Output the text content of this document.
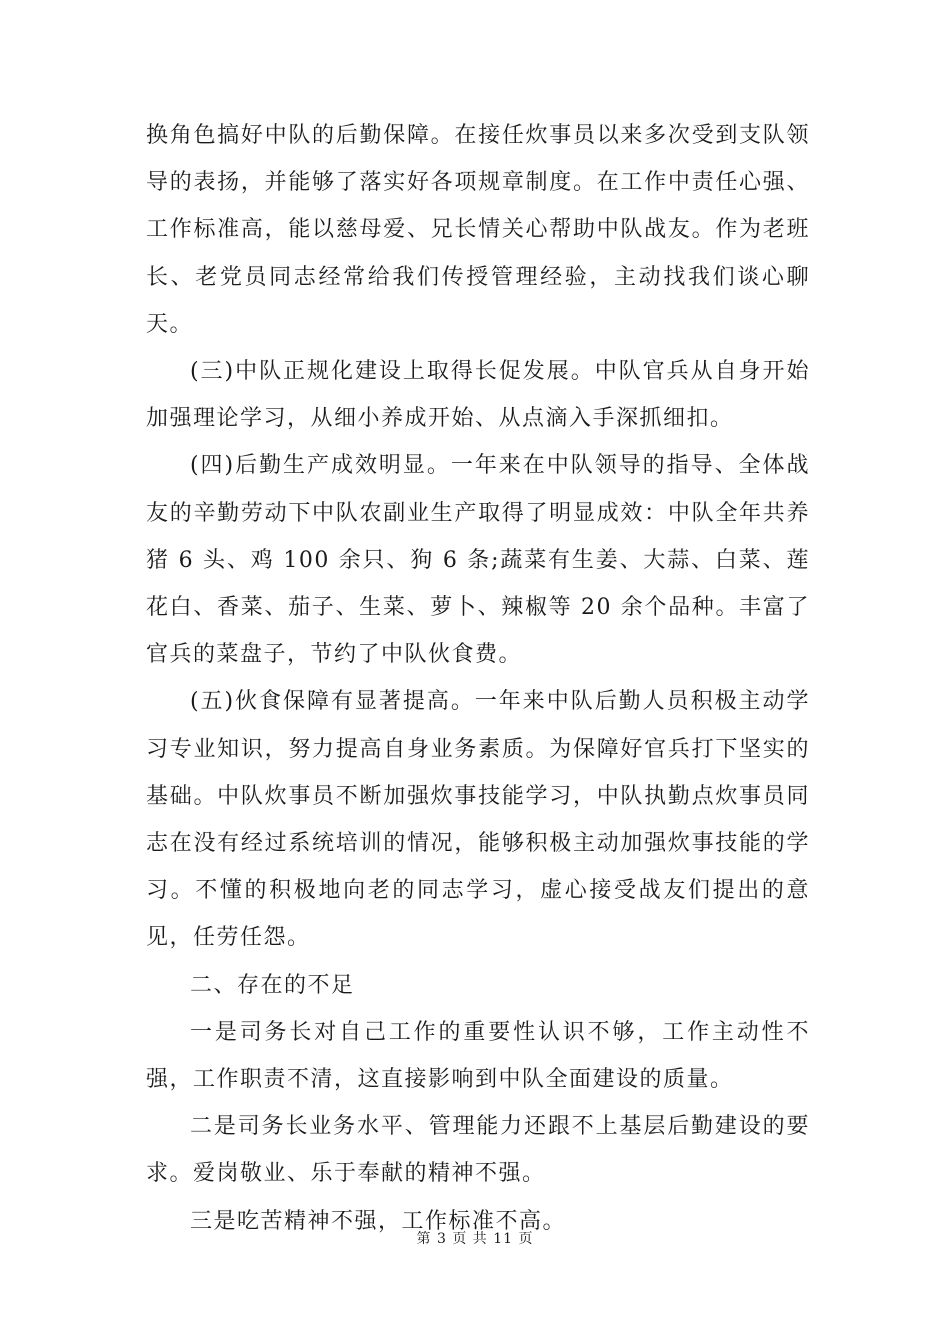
换角色搞好中队的后勤保障。在接任炊事员以来多次受到支队领导的表扬，并能够了落实好各项规章制度。在工作中责任心强、工作标准高，能以慈母爱、兄长情关心帮助中队战友。作为老班长、老党员同志经常给我们传授管理经验，主动找我们谈心聊天。

(三)中队正规化建设上取得长促发展。中队官兵从自身开始加强理论学习，从细小养成开始、从点滴入手深抓细扣。

(四)后勤生产成效明显。一年来在中队领导的指导、全体战友的辛勤劳动下中队农副业生产取得了明显成效：中队全年共养猪 6 头、鸡 100 余只、狗 6 条;蔬菜有生姜、大蒜、白菜、莲花白、香菜、茄子、生菜、萝卜、辣椒等 20 余个品种。丰富了官兵的菜盘子，节约了中队伙食费。

(五)伙食保障有显著提高。一年来中队后勤人员积极主动学习专业知识，努力提高自身业务素质。为保障好官兵打下坚实的基础。中队炊事员不断加强炊事技能学习，中队执勤点炊事员同志在没有经过系统培训的情况，能够积极主动加强炊事技能的学习。不懂的积极地向老的同志学习，虚心接受战友们提出的意见，任劳任怨。

二、存在的不足

一是司务长对自己工作的重要性认识不够，工作主动性不强，工作职责不清，这直接影响到中队全面建设的质量。

二是司务长业务水平、管理能力还跟不上基层后勤建设的要求。爱岗敬业、乐于奉献的精神不强。

三是吃苦精神不强，工作标准不高。

第 3 页 共 11 页
